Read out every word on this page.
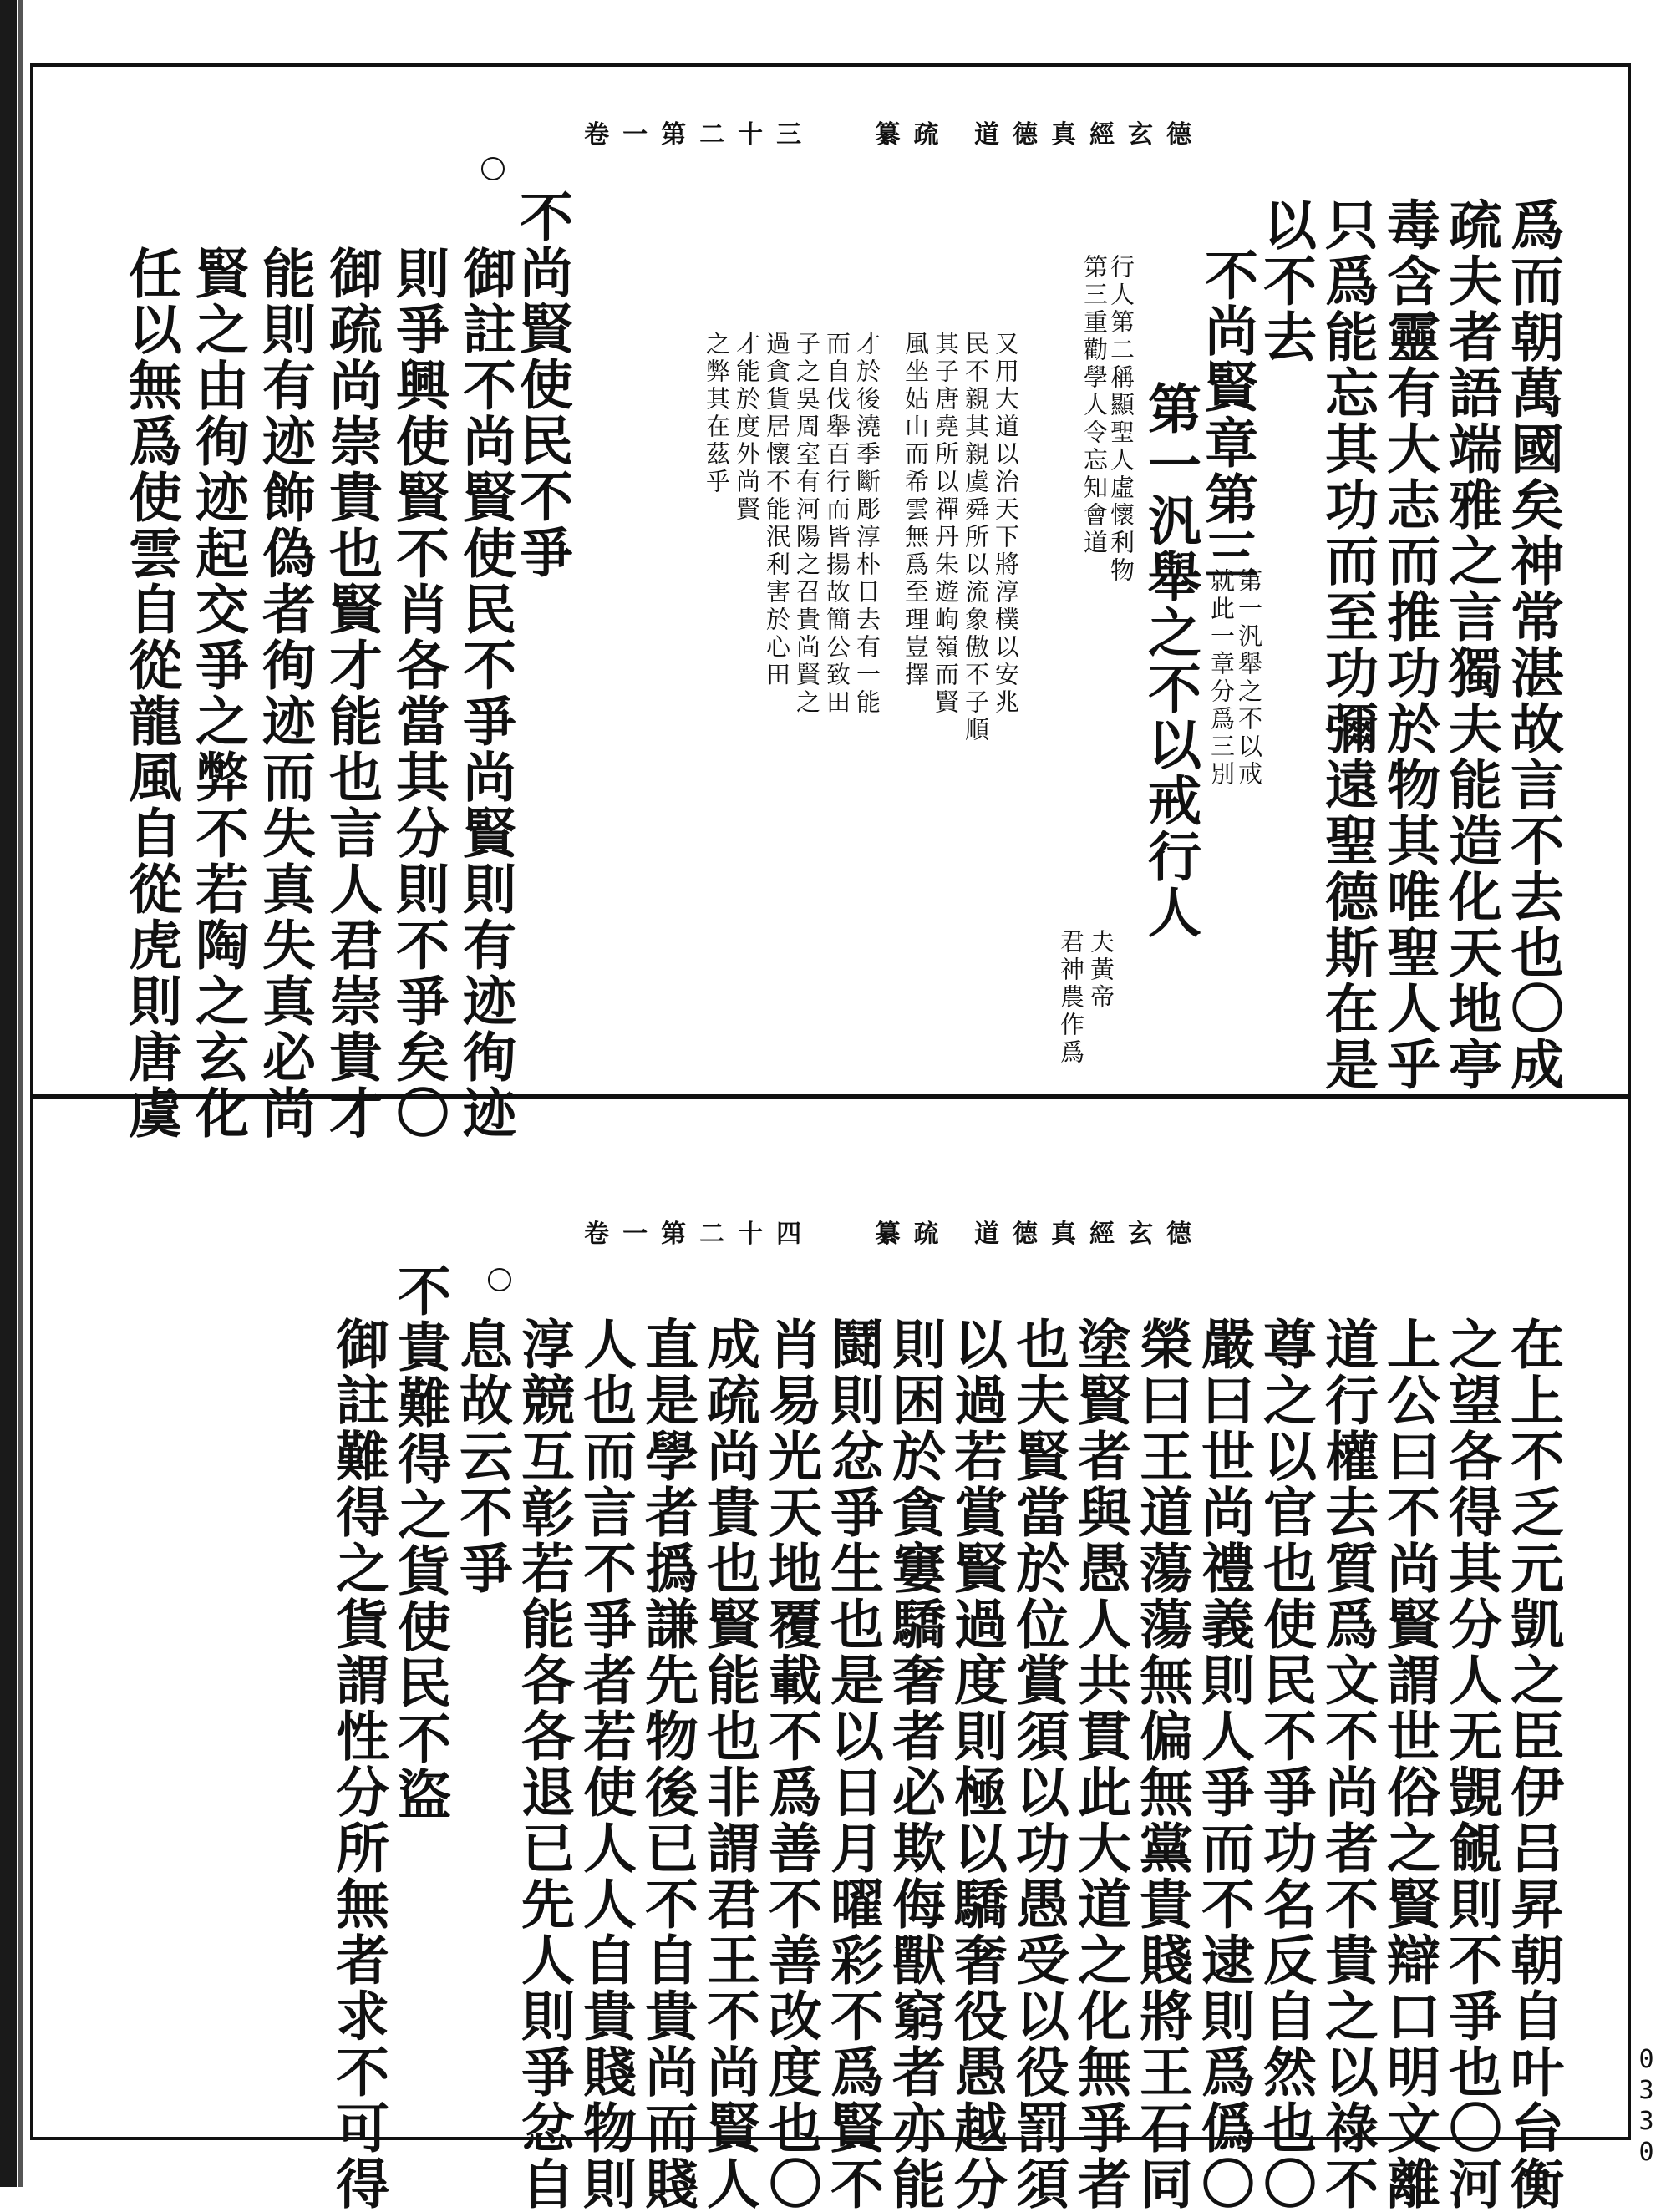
道德真經玄德 纂疏 卷一第二十三
爲而朝萬國矣神常湛故言不去也〇成
疏夫者語端雅之言獨夫能造化天地亭
毒含靈有大志而推功於物其唯聖人乎
只爲能忘其功而至功彌遠聖德斯在是
以不去
不尚賢章第三
就此一章分爲三別 第一汎舉之不以戒
第一汎舉之不以戒行人
行人第二稱顯聖人虛懷利物
第三重勸學人令忘知會道
夫黃帝
君神農作爲
又用大道以治天下將淳樸以安兆
民不親其親虞舜所以流象傲不子順
其子唐堯所以禪丹朱遊岣嶺而賢
風坐姑山而希雲無爲至理豈擇
才於後澆季斷彫淳朴日去有一能
而自伐舉百行而皆揚故簡公致田
子之吳周室有河陽之召貴尚賢之
過貪貨居懷不能泯利害於心田
才能於度外尚賢
之弊其在茲乎
不尚賢使民不爭
御註不尚賢使民不爭尚賢則有迹徇迹
則爭興使賢不肖各當其分則不爭矣〇
御疏尚崇貴也賢才能也言人君崇貴才
能則有迹飾偽者徇迹而失真失真必尚
賢之由徇迹起交爭之弊不若陶之玄化
任以無爲使雲自從龍風自從虎則唐虞
道德真經玄德 纂疏 卷一第二十四
在上不乏元凱之臣伊吕昇朝自叶台衡
之望各得其分人无覬覦則不爭也〇河
上公曰不尚賢謂世俗之賢辯口明文離
道行權去質爲文不尚者不貴之以祿不
尊之以官也使民不爭功名反自然也〇
嚴曰世尚禮義則人爭而不逮則爲僞〇
榮曰王道蕩蕩無偏無黨貴賤將王石同
塗賢者與愚人共貫此大道之化無爭者
也夫賢當於位賞須以功愚受以役罰須
以過若賞賢過度則極以驕奢役愚越分
則困於貪窶驕奢者必欺侮獸窮者亦能
鬪則忿爭生也是以日月曜彩不爲賢不
肖易光天地覆載不爲善不善改度也〇
成疏尚貴也賢能也非謂君王不尚賢人
直是學者撝謙先物後已不自貴尚而賤
人也而言不爭者若使人人自貴賤物則
淳競互彰若能各各退已先人則爭忿自
息故云不爭
不貴難得之貨使民不盜
御註難得之貨謂性分所無者求不可得	0330
